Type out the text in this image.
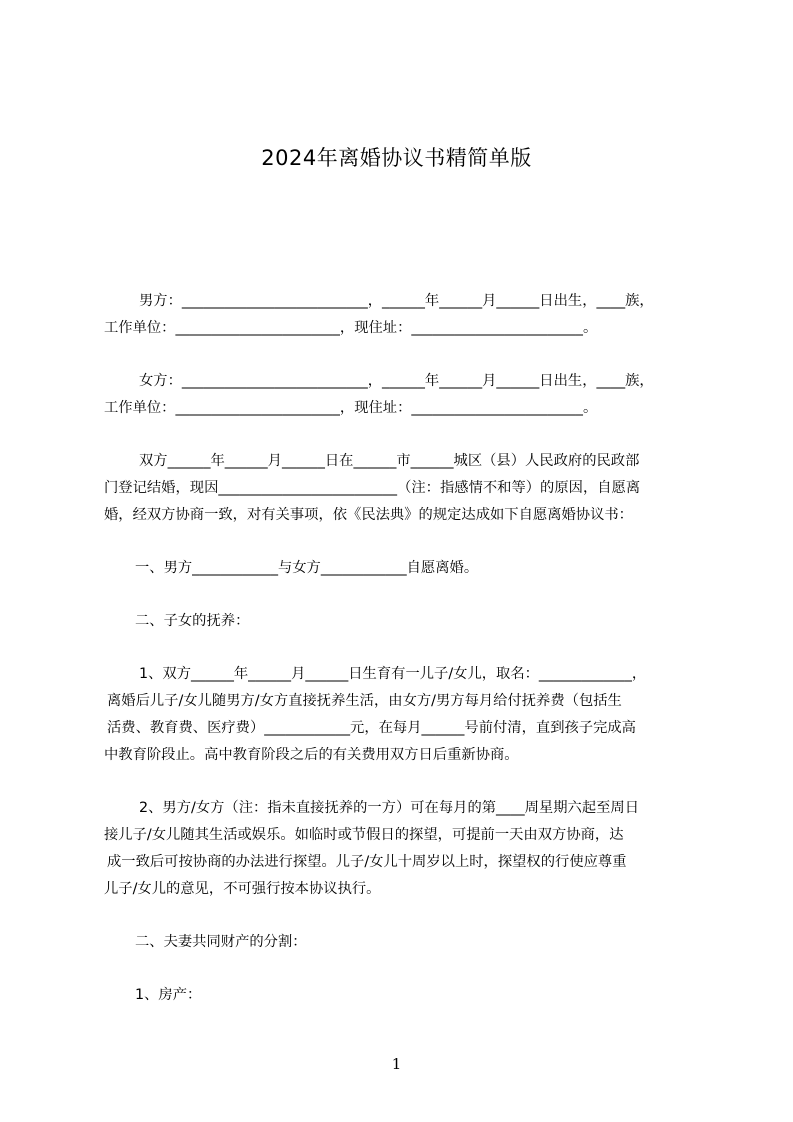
2024年离婚协议书精简单版
男方：__________________________，______年______月______日出生，____族，
工作单位：_______________________，现住址：________________________。
女方：__________________________，______年______月______日出生，____族，
工作单位：_______________________，现住址：________________________。
双方______年______月______日在______市______城区（县）人民政府的民政部
门登记结婚，现因_________________________（注：指感情不和等）的原因，自愿离
婚，经双方协商一致，对有关事项，依《民法典》的规定达成如下自愿离婚协议书：
一、男方____________与女方____________自愿离婚。
二、子女的抚养：
1、双方______年______月______日生育有一儿子/女儿，取名：_____________，
离婚后儿子/女儿随男方/女方直接抚养生活，由女方/男方每月给付抚养费（包括生
活费、教育费、医疗费）____________元，在每月______号前付清，直到孩子完成高
中教育阶段止。高中教育阶段之后的有关费用双方日后重新协商。
2、男方/女方（注：指未直接抚养的一方）可在每月的第____周星期六起至周日
接儿子/女儿随其生活或娱乐。如临时或节假日的探望，可提前一天由双方协商，达
成一致后可按协商的办法进行探望。儿子/女儿十周岁以上时，探望权的行使应尊重
儿子/女儿的意见，不可强行按本协议执行。
二、夫妻共同财产的分割：
1、房产：
1
